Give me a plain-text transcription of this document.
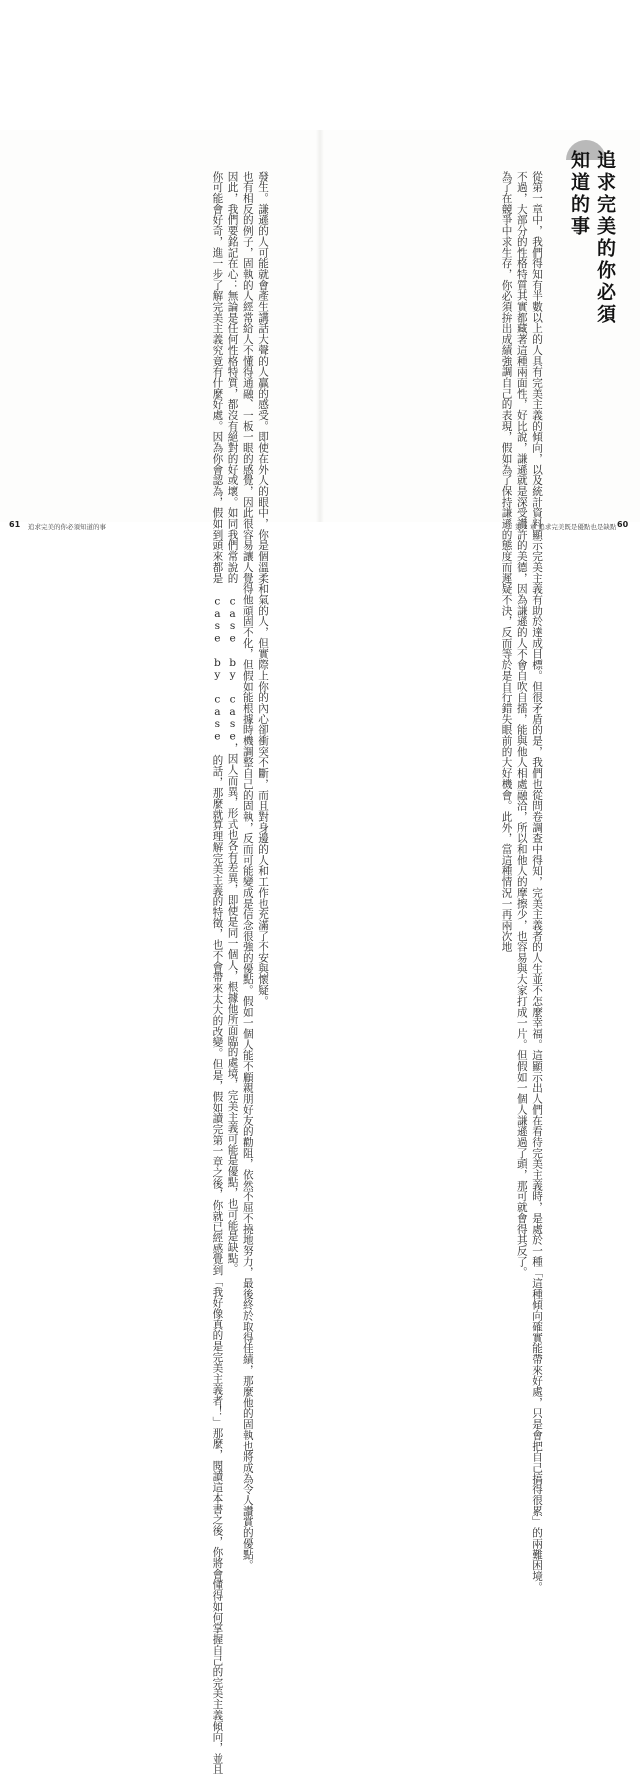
追求完美的你必須知道的事

從第一章中，我們得知有半數以上的人具有完美主義的傾向，以及統計資料顯示完美主義有助於達成目標。但很矛盾的是，我們也從問卷調查中得知，完美主義者的人生並不怎麼幸福。這顯示出人們在看待完美主義時，是處於一種「這種傾向確實能帶來好處，只是會把自己搞得很累」的兩難困境。

不過，大部分的性格特質其實都藏著這種兩面性，好比說，謙遜就是深受讚許的美德，因為謙遜的人不會自吹自擂，能與他人相處融洽，所以和他人的摩擦少，也容易與大家打成一片。但假如一個人謙遜過了頭，那可就會得其反了。

為了在競爭中求生存，你必須拚出成績強調自己的表現，假如為了保持謙遜的態度而遲疑不決，反而等於是自行錯失眼前的大好機會。此外，當這種情況一再兩次地

發生。謙遜的人可能就會產生講話大聲的人贏的感受。即使在外人的眼中，你是個溫柔和氣的人，但實際上你的內心卻衝突不斷，而且對身邊的人和工作也充滿了不安與懷疑。

也有相反的例子，固執的人經常給人不懂得通融、一板一眼的感覺，因此很容易讓人覺得他頑固不化，但假如能根據時機調整自己的固執，反而可能變成是信念很強的優點。假如一個人能不顧親朋好友的勸阻，依然不屈不撓地努力，最後終於取得佳績，那麼他的固執也將成為令人讚賞的優點。

因此，我們要銘記在心：無論是任何性格特質，都沒有絕對的好或壞。如同我們常說的 case by case，因人而異，形式也各有差異，即使是同一個人，根據他所面臨的處境，完美主義可能是優點，也可能是缺點。

你可能會好奇，進一步了解完美主義究竟有什麼好處。因為你會認為，假如到頭來都是 case by case 的話，那麼就算理解完美主義的特徵，也不會帶來太大的改變。但是，假如讀完第一章之後，你就已經感覺到「我好像真的是完美主義者！」那麼，閱讀這本書之後，你將會懂得如何掌握自己的完美主義傾向，並且

61 追求完美的你必須知道的事	第 2 章 追求完美既是優點也是缺點 60
